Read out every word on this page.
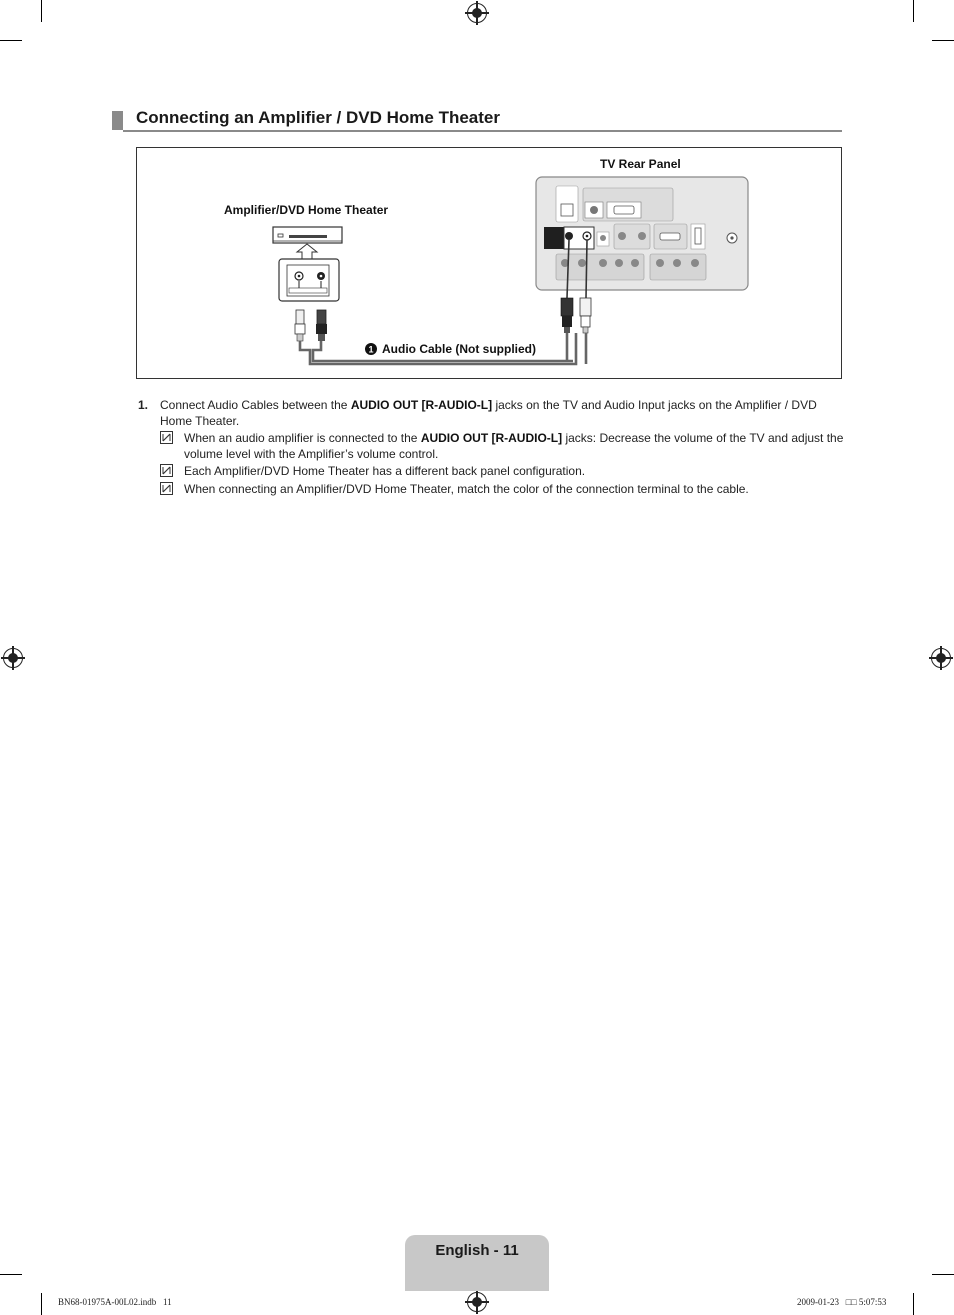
Connecting an Amplifier / DVD Home Theater
1
TV Rear Panel
Amplifier/DVD Home Theater
Audio Cable (Not supplied)
1. Connect Audio Cables between the AUDIO OUT [R-AUDIO-L] jacks on the TV and Audio Input jacks on the Amplifier / DVD Home Theater.
When an audio amplifier is connected to the AUDIO OUT [R-AUDIO-L] jacks: Decrease the volume of the TV and adjust the volume level with the Amplifier’s volume control.
Each Amplifier/DVD Home Theater has a different back panel configuration.
When connecting an Amplifier/DVD Home Theater, match the color of the connection terminal to the cable.
English - 11
BN68-01975A-00L02.indb   11	2009-01-23   □□ 5:07:53
